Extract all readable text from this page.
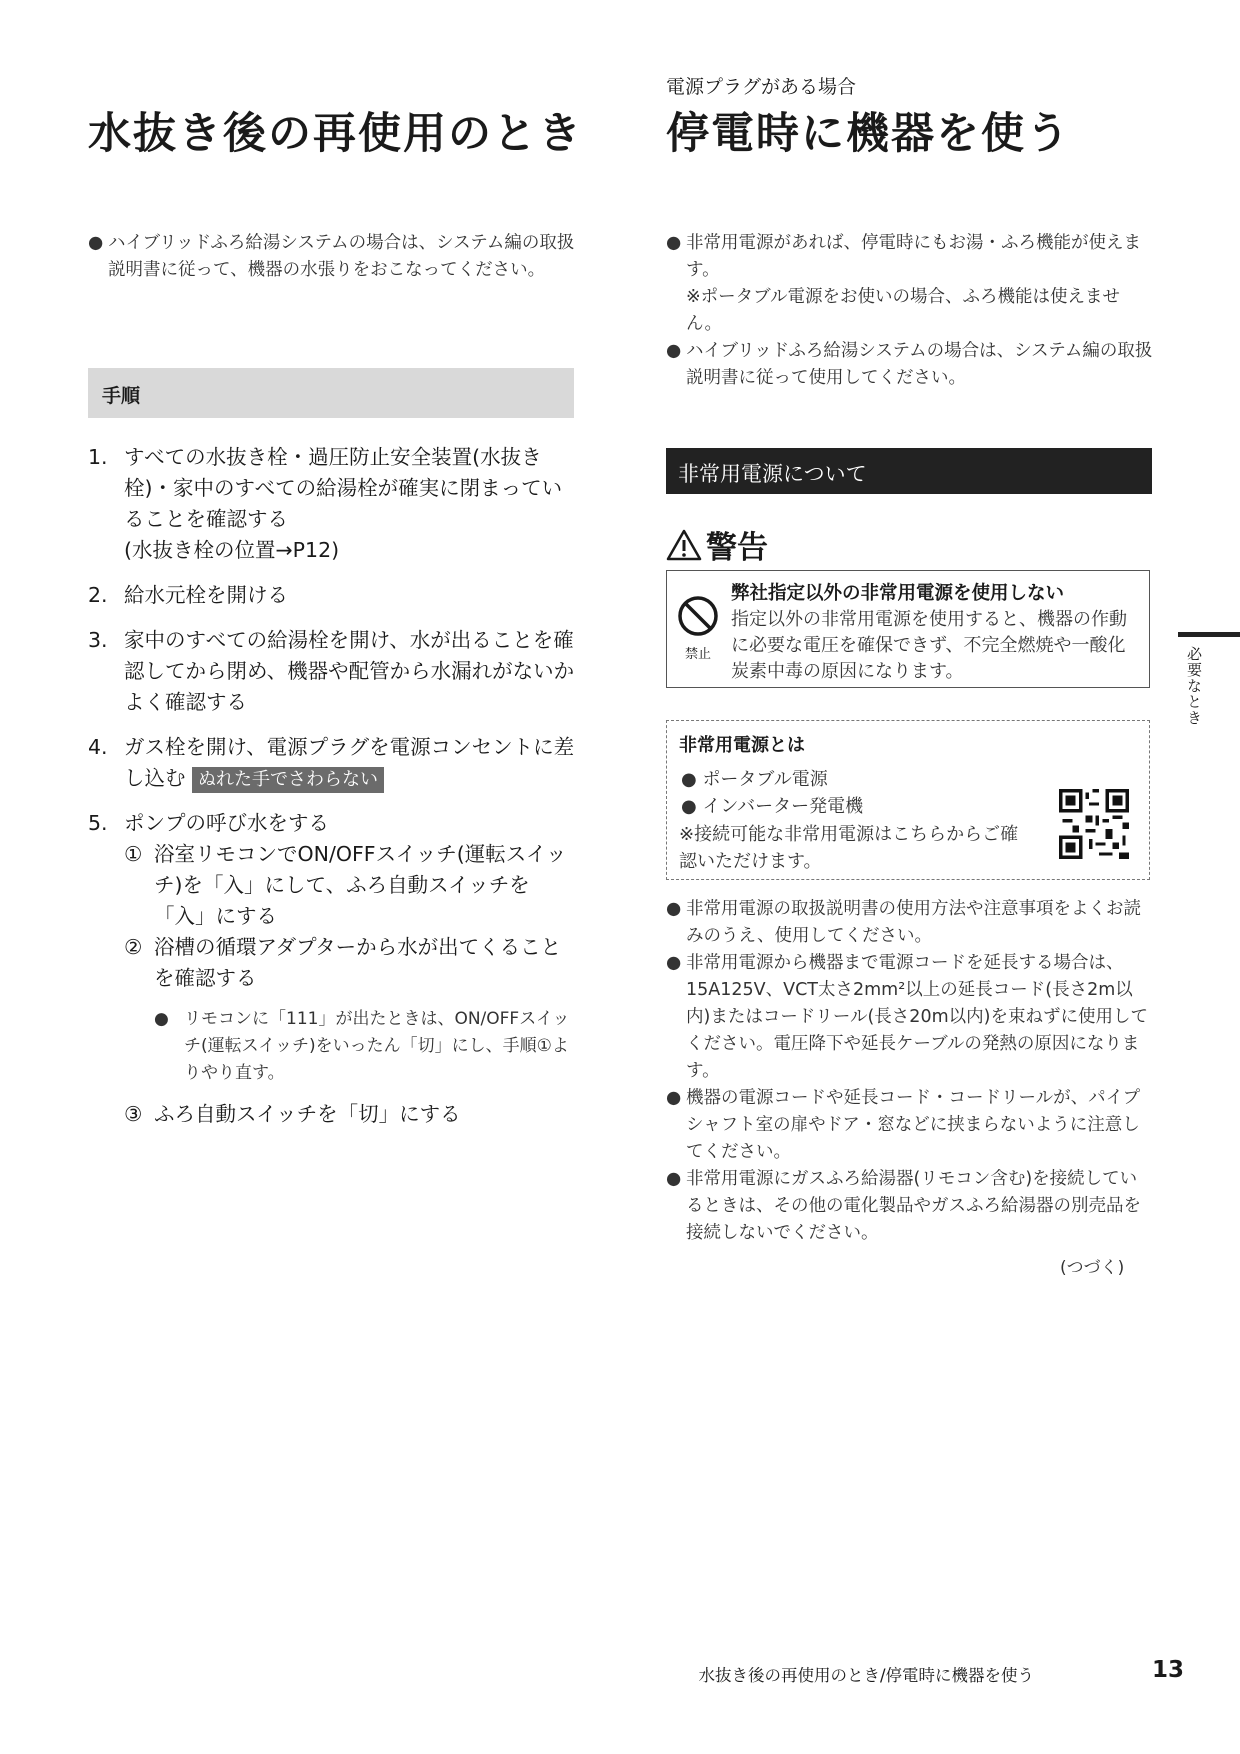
水抜き後の再使用のとき
● ハイブリッドふろ給湯システムの場合は、システム編の取扱説明書に従って、機器の水張りをおこなってください。
手順
1. すべての水抜き栓・過圧防止安全装置(水抜き栓)・家中のすべての給湯栓が確実に閉まっていることを確認する
(水抜き栓の位置→P12)
2. 給水元栓を開ける
3. 家中のすべての給湯栓を開け、水が出ることを確認してから閉め、機器や配管から水漏れがないかよく確認する
4. ガス栓を開け、電源プラグを電源コンセントに差し込む ぬれた手でさわらない
5. ポンプの呼び水をする
① 浴室リモコンでON/OFFスイッチ(運転スイッチ)を「入」にして、ふろ自動スイッチを「入」にする
② 浴槽の循環アダプターから水が出てくることを確認する
● リモコンに「111」が出たときは、ON/OFFスイッチ(運転スイッチ)をいったん「切」にし、手順①よりやり直す。
③ ふろ自動スイッチを「切」にする
電源プラグがある場合
停電時に機器を使う
● 非常用電源があれば、停電時にもお湯・ふろ機能が使えます。
※ポータブル電源をお使いの場合、ふろ機能は使えません。
● ハイブリッドふろ給湯システムの場合は、システム編の取扱説明書に従って使用してください。
非常用電源について
警告
禁止
弊社指定以外の非常用電源を使用しない
指定以外の非常用電源を使用すると、機器の作動に必要な電圧を確保できず、不完全燃焼や一酸化炭素中毒の原因になります。
非常用電源とは
● ポータブル電源
● インバーター発電機
※接続可能な非常用電源はこちらからご確認いただけます。
● 非常用電源の取扱説明書の使用方法や注意事項をよくお読みのうえ、使用してください。
● 非常用電源から機器まで電源コードを延長する場合は、15A125V、VCT太さ2mm²以上の延長コード(長さ2m以内)またはコードリール(長さ20m以内)を束ねずに使用してください。電圧降下や延長ケーブルの発熱の原因になります。
● 機器の電源コードや延長コード・コードリールが、パイプシャフト室の扉やドア・窓などに挟まらないように注意してください。
● 非常用電源にガスふろ給湯器(リモコン含む)を接続しているときは、その他の電化製品やガスふろ給湯器の別売品を接続しないでください。
(つづく)
必要なとき
水抜き後の再使用のとき/停電時に機器を使う	13
